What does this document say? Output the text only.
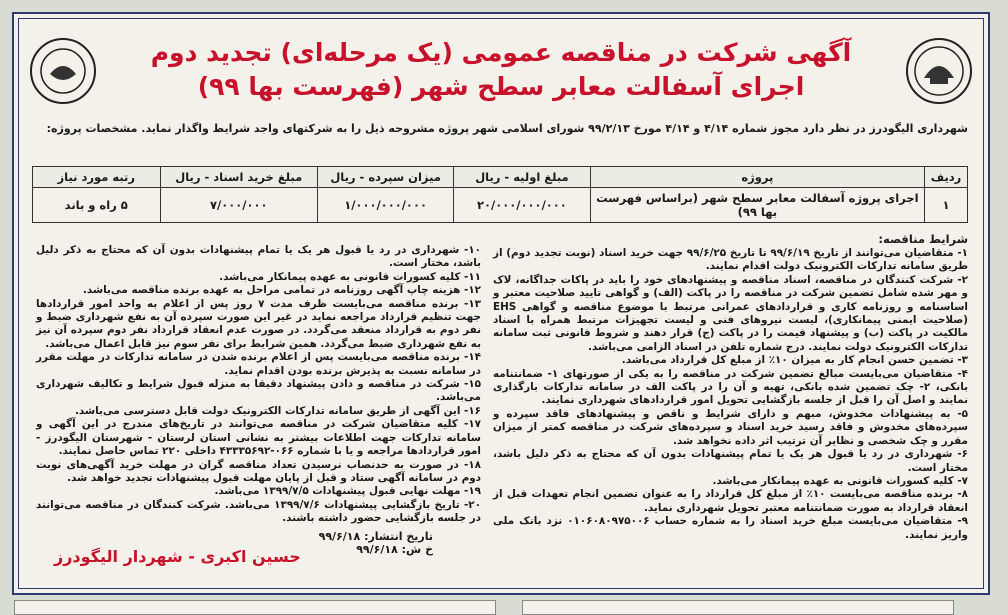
آگهی شرکت در مناقصه عمومی (یک مرحله‌ای) تجدید دوم
اجرای آسفالت معابر سطح شهر (فهرست بها ۹۹)
شهرداری الیگودرز در نظر دارد مجوز شماره ۴/۱۴ و ۴/۱۴ مورخ ۹۹/۲/۱۳ شورای اسلامی شهر پروژه مشروحه ذیل را به شرکتهای واجد شرایط واگذار نماید. مشخصات پروژه:
ردیف	پروژه	مبلغ اولیه - ریال	میزان سپرده - ریال	مبلغ خرید اسناد - ریال	رتبه مورد نیاز
۱	اجرای پروژه آسفالت معابر سطح شهر (براساس فهرست بها ۹۹)	۲۰/۰۰۰/۰۰۰/۰۰۰	۱/۰۰۰/۰۰۰/۰۰۰	۷/۰۰۰/۰۰۰	۵ راه و باند
شرایط مناقصه:

۱- متقاضیان می‌توانند از تاریخ ۹۹/۶/۱۹ تا تاریخ ۹۹/۶/۲۵ جهت خرید اسناد (نوبت تجدید دوم) از طریق سامانه تدارکات الکترونیک دولت اقدام نمایند.

۲- شرکت کنندگان در مناقصه، اسناد مناقصه و پیشنهادهای خود را باید در پاکات جداگانه، لاک و مهر شده شامل تضمین شرکت در مناقصه را در پاکت (الف) و گواهی تایید صلاحیت معتبر و اساسنامه و روزنامه کاری و قراردادهای عمرانی مرتبط با موضوع مناقصه و گواهی EHS (صلاحیت ایمنی پیمانکاری)، لیست نیروهای فنی و لیست تجهیزات مرتبط همراه با اسناد مالکیت در پاکت (ب) و پیشنهاد قیمت را در پاکت (ج) قرار دهند و شروط قانونی ثبت سامانه تدارکات الکترونیک دولت نمایند. درج شماره تلفن در اسناد الزامی می‌باشد.

۳- تضمین حسن انجام کار به میزان ۱۰٪ از مبلغ کل قرارداد می‌باشد.

۴- متقاضیان می‌بایست مبالغ تضمین شرکت در مناقصه را به یکی از صورتهای ۱- ضمانتنامه بانکی، ۲- چک تضمین شده بانکی، تهیه و آن را در پاکت الف در سامانه تدارکات بارگذاری نمایند و اصل آن را قبل از جلسه بازگشایی تحویل امور قراردادهای شهرداری نمایند.

۵- به پیشنهادات مخدوش، مبهم و دارای شرایط و ناقص و پیشنهادهای فاقد سپرده و سپرده‌های مخدوش و فاقد رسید خرید اسناد و سپرده‌های شرکت در مناقصه کمتر از میزان مقرر و چک شخصی و نظایر آن ترتیب اثر داده نخواهد شد.

۶- شهرداری در رد یا قبول هر یک یا تمام پیشنهادات بدون آن که محتاج به ذکر دلیل باشد، مختار است.

۷- کلیه کسورات قانونی به عهده پیمانکار می‌باشد.

۸- برنده مناقصه می‌بایست ۱۰٪ از مبلغ کل قرارداد را به عنوان تضمین انجام تعهدات قبل از انعقاد قرارداد به صورت ضمانتنامه معتبر تحویل شهرداری نماید.

۹- متقاضیان می‌بایست مبلغ خرید اسناد را به شماره حساب ۰۱۰۶۰۸۰۹۷۵۰۰۶ نزد بانک ملی واریز نمایند.

۱۰- شهرداری در رد یا قبول هر یک یا تمام پیشنهادات بدون آن که محتاج به ذکر دلیل باشد، مختار است.

۱۱- کلیه کسورات قانونی به عهده پیمانکار می‌باشد.

۱۲- هزینه چاپ آگهی روزنامه در تمامی مراحل به عهده برنده مناقصه می‌باشد.

۱۳- برنده مناقصه می‌بایست ظرف مدت ۷ روز پس از اعلام به واحد امور قراردادها جهت تنظیم قرارداد مراجعه نماید در غیر این صورت سپرده آن به نفع شهرداری ضبط و نفر دوم به قرارداد منعقد می‌گردد. در صورت عدم انعقاد قرارداد نفر دوم سپرده آن نیز به نفع شهرداری ضبط می‌گردد. همین شرایط برای نفر سوم نیز قابل اعمال می‌باشد.

۱۴- برنده مناقصه می‌بایست پس از اعلام برنده شدن در سامانه تدارکات در مهلت مقرر در سامانه نسبت به پذیرش برنده بودن اقدام نماید.

۱۵- شرکت در مناقصه و دادن پیشنهاد دقیقا به منزله قبول شرایط و تکالیف شهرداری می‌باشد.

۱۶- این آگهی از طریق سامانه تدارکات الکترونیک دولت قابل دسترسی می‌باشد.

۱۷- کلیه متقاضیان شرکت در مناقصه می‌توانند در تاریخ‌های مندرج در این آگهی و سامانه تدارکات جهت اطلاعات بیشتر به نشانی استان لرستان - شهرستان الیگودرز - امور قراردادها مراجعه و یا با شماره ۰۶۶-۴۳۳۳۵۶۹۲ داخلی ۲۲۰ تماس حاصل نمایند.

۱۸- در صورت به حدنصاب نرسیدن تعداد مناقصه گران در مهلت خرید آگهی‌های نوبت دوم در سامانه آگهی ستاد و قبل از پایان مهلت قبول پیشنهادات تجدید خواهد شد.

۱۹- مهلت نهایی قبول پیشنهادات ۱۳۹۹/۷/۵ می‌باشد.

۲۰- تاریخ بازگشایی پیشنهادات ۱۳۹۹/۷/۶ می‌باشد. شرکت کنندگان در مناقصه می‌توانند در جلسه بازگشایی حضور داشته باشند.

تاریخ انتشار: ۹۹/۶/۱۸
خ ش: ۹۹/۶/۱۸
حسین اکبری - شهردار الیگودرز
